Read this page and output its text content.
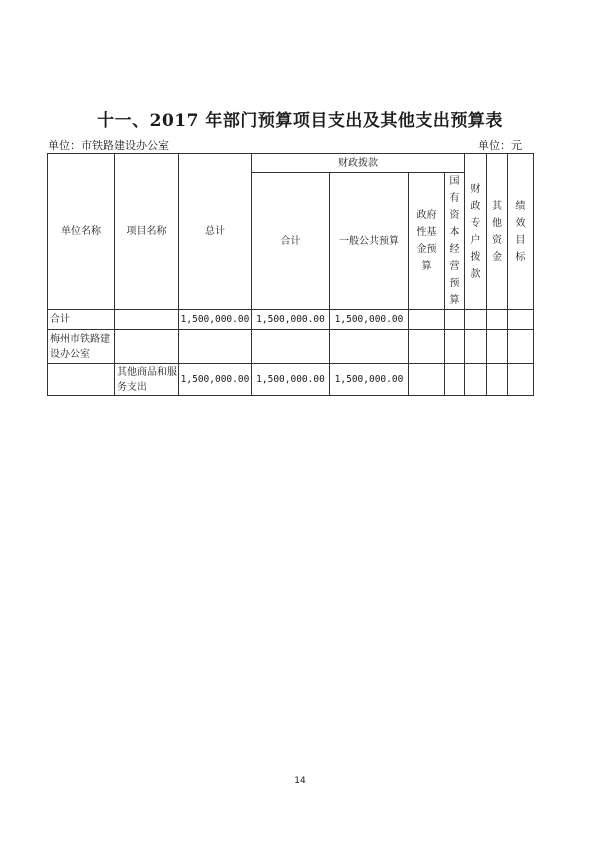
十一、2017 年部门预算项目支出及其他支出预算表
单位：市铁路建设办公室	单位：元
单位名称	项目名称	总计	财政拨款				财政专户拨款	其他资金	绩效目标
			合计	一般公共预算	政府性基金预算	国有资本经营预算			
合计		1,500,000.00	1,500,000.00	1,500,000.00					
梅州市铁路建设办公室									
	其他商品和服务支出	1,500,000.00	1,500,000.00	1,500,000.00					
14
